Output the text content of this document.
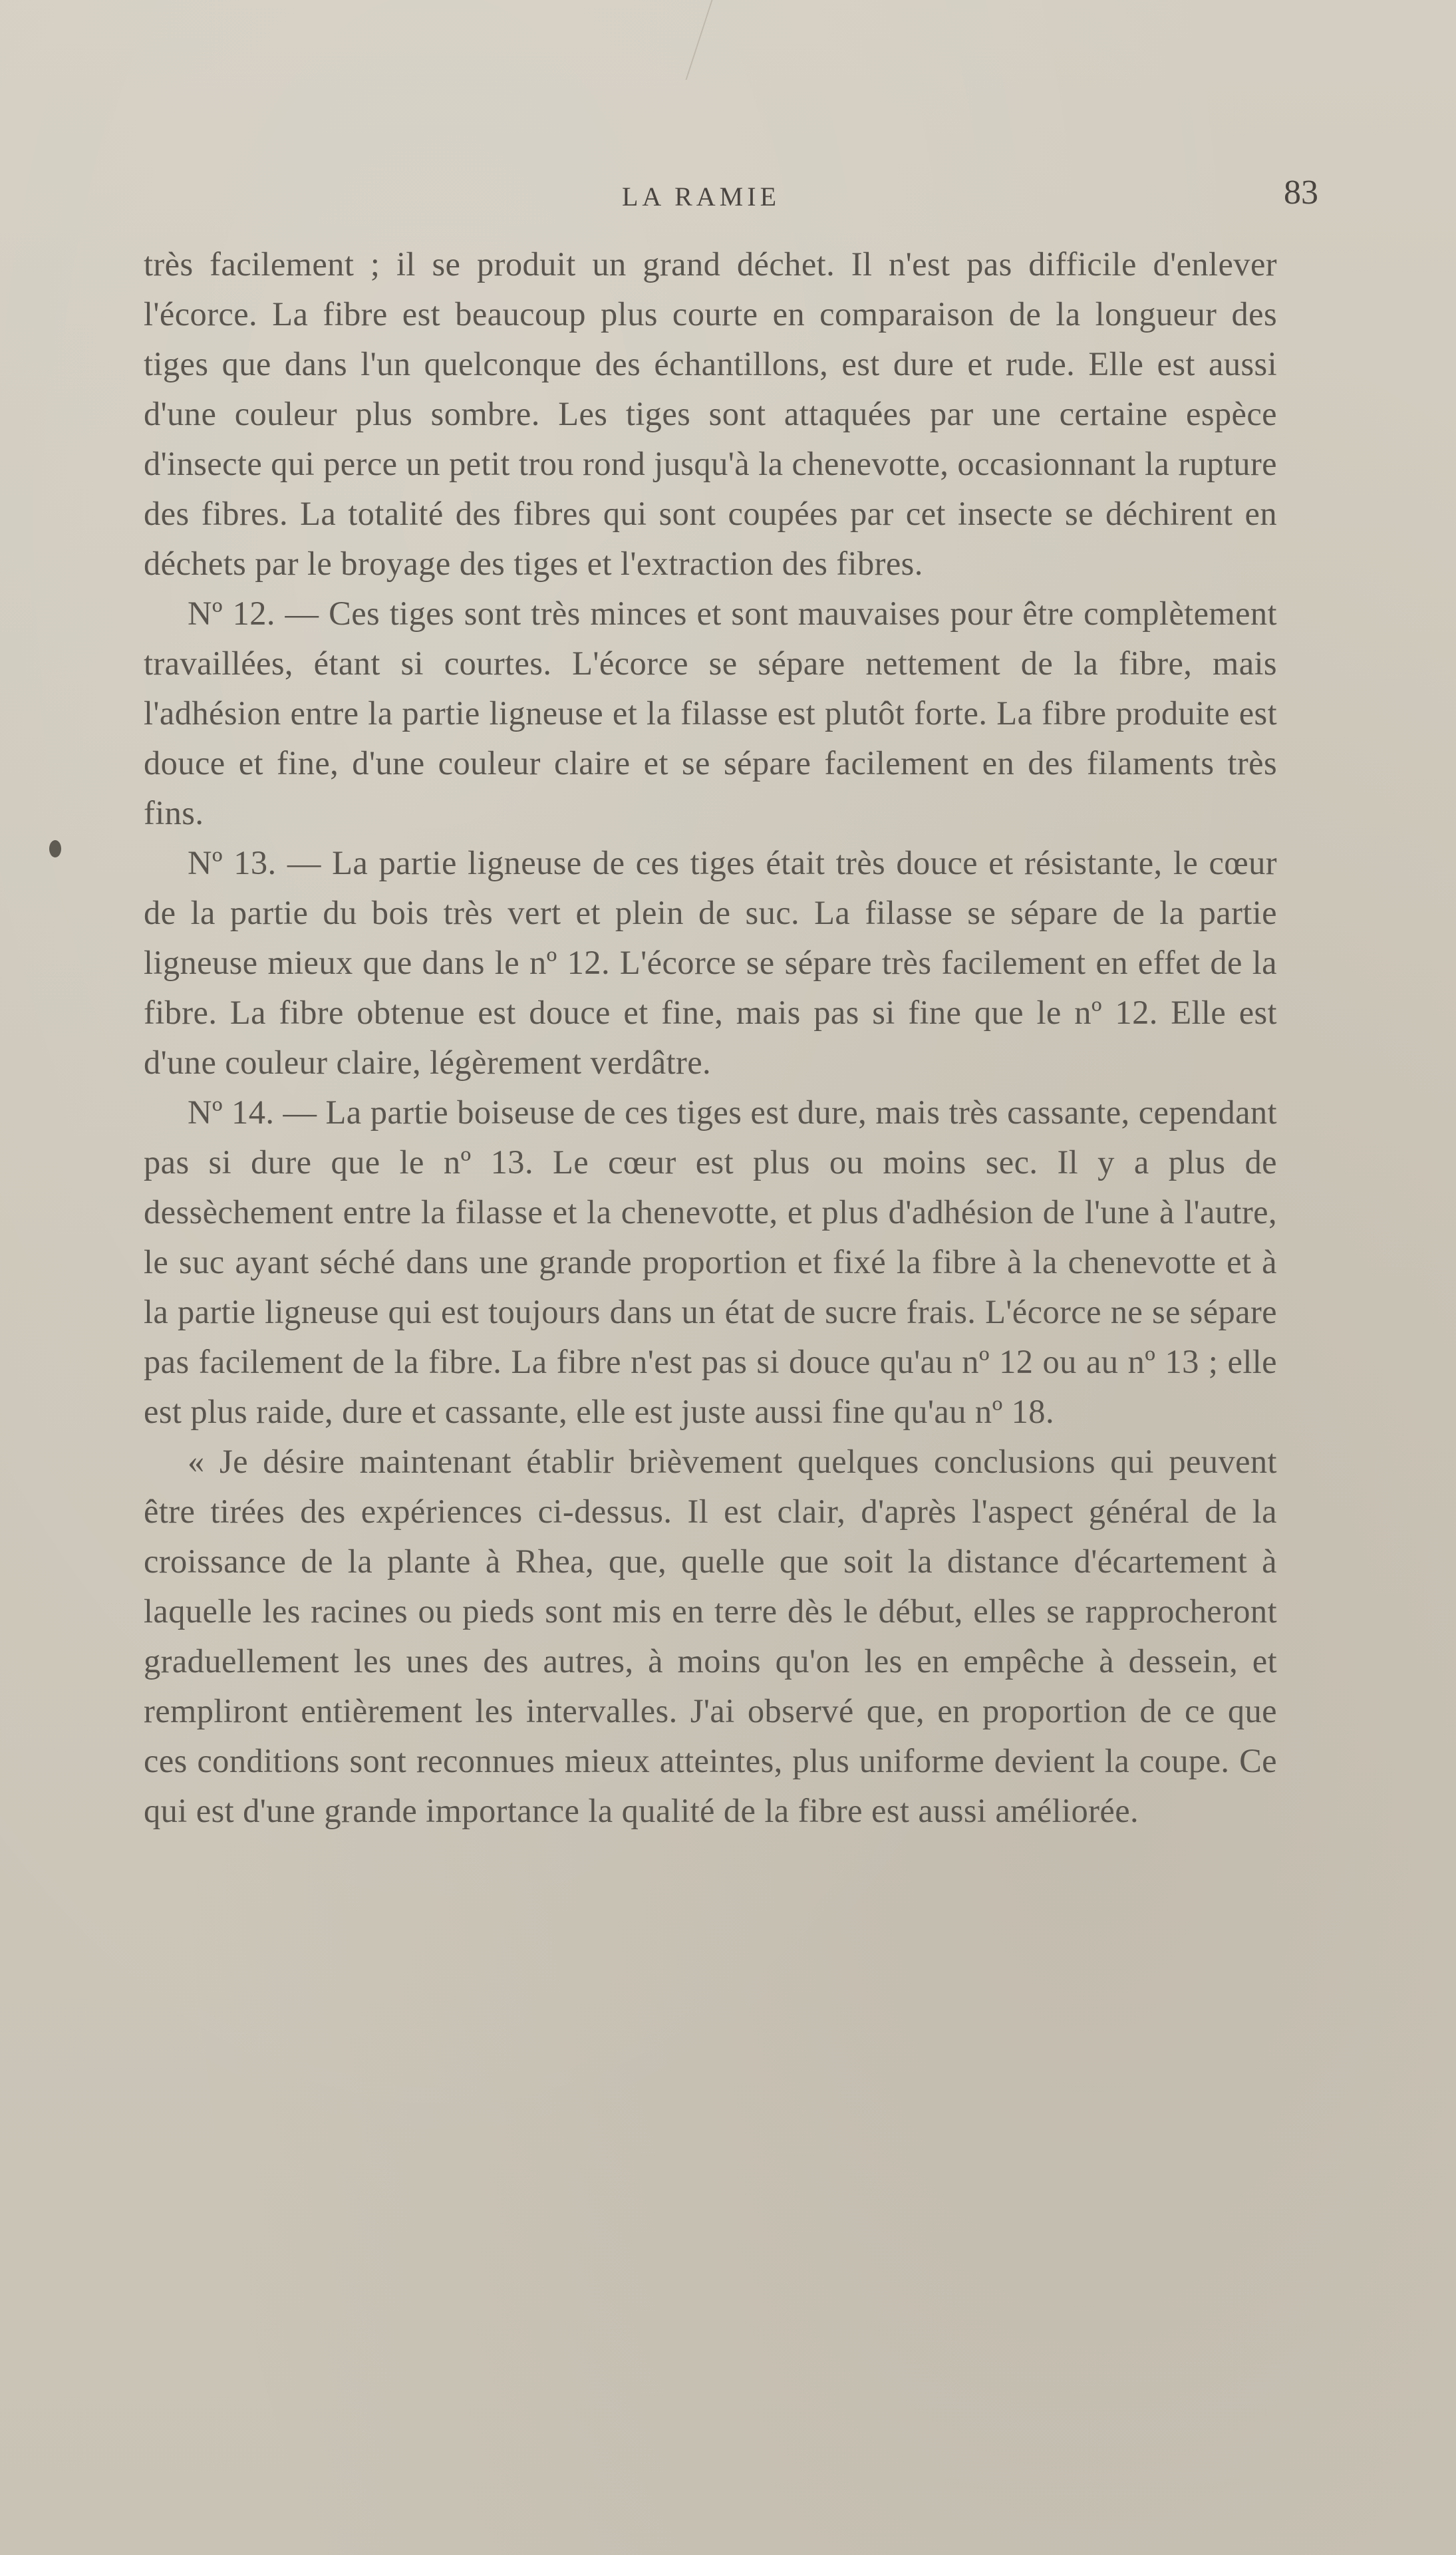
LA RAMIE	83

très facilement ; il se produit un grand déchet. Il n'est pas difficile d'enlever l'écorce. La fibre est beaucoup plus courte en comparaison de la longueur des tiges que dans l'un quelconque des échantillons, est dure et rude. Elle est aussi d'une couleur plus sombre. Les tiges sont attaquées par une certaine espèce d'insecte qui perce un petit trou rond jusqu'à la chenevotte, occasionnant la rupture des fibres. La totalité des fibres qui sont coupées par cet insecte se déchirent en déchets par le broyage des tiges et l'extraction des fibres.

Nº 12. — Ces tiges sont très minces et sont mauvaises pour être complètement travaillées, étant si courtes. L'écorce se sépare nettement de la fibre, mais l'adhésion entre la partie ligneuse et la filasse est plutôt forte. La fibre produite est douce et fine, d'une couleur claire et se sépare facilement en des filaments très fins.

Nº 13. — La partie ligneuse de ces tiges était très douce et résistante, le cœur de la partie du bois très vert et plein de suc. La filasse se sépare de la partie ligneuse mieux que dans le nº 12. L'écorce se sépare très facilement en effet de la fibre. La fibre obtenue est douce et fine, mais pas si fine que le nº 12. Elle est d'une couleur claire, légèrement verdâtre.

Nº 14. — La partie boiseuse de ces tiges est dure, mais très cassante, cependant pas si dure que le nº 13. Le cœur est plus ou moins sec. Il y a plus de dessèchement entre la filasse et la chenevotte, et plus d'adhésion de l'une à l'autre, le suc ayant séché dans une grande proportion et fixé la fibre à la chenevotte et à la partie ligneuse qui est toujours dans un état de sucre frais. L'écorce ne se sépare pas facilement de la fibre. La fibre n'est pas si douce qu'au nº 12 ou au nº 13 ; elle est plus raide, dure et cassante, elle est juste aussi fine qu'au nº 18.

« Je désire maintenant établir brièvement quelques conclusions qui peuvent être tirées des expériences ci-dessus. Il est clair, d'après l'aspect général de la croissance de la plante à Rhea, que, quelle que soit la distance d'écartement à laquelle les racines ou pieds sont mis en terre dès le début, elles se rapprocheront graduellement les unes des autres, à moins qu'on les en empêche à dessein, et rempliront entièrement les intervalles. J'ai observé que, en proportion de ce que ces conditions sont reconnues mieux atteintes, plus uniforme devient la coupe. Ce qui est d'une grande importance la qualité de la fibre est aussi améliorée.
